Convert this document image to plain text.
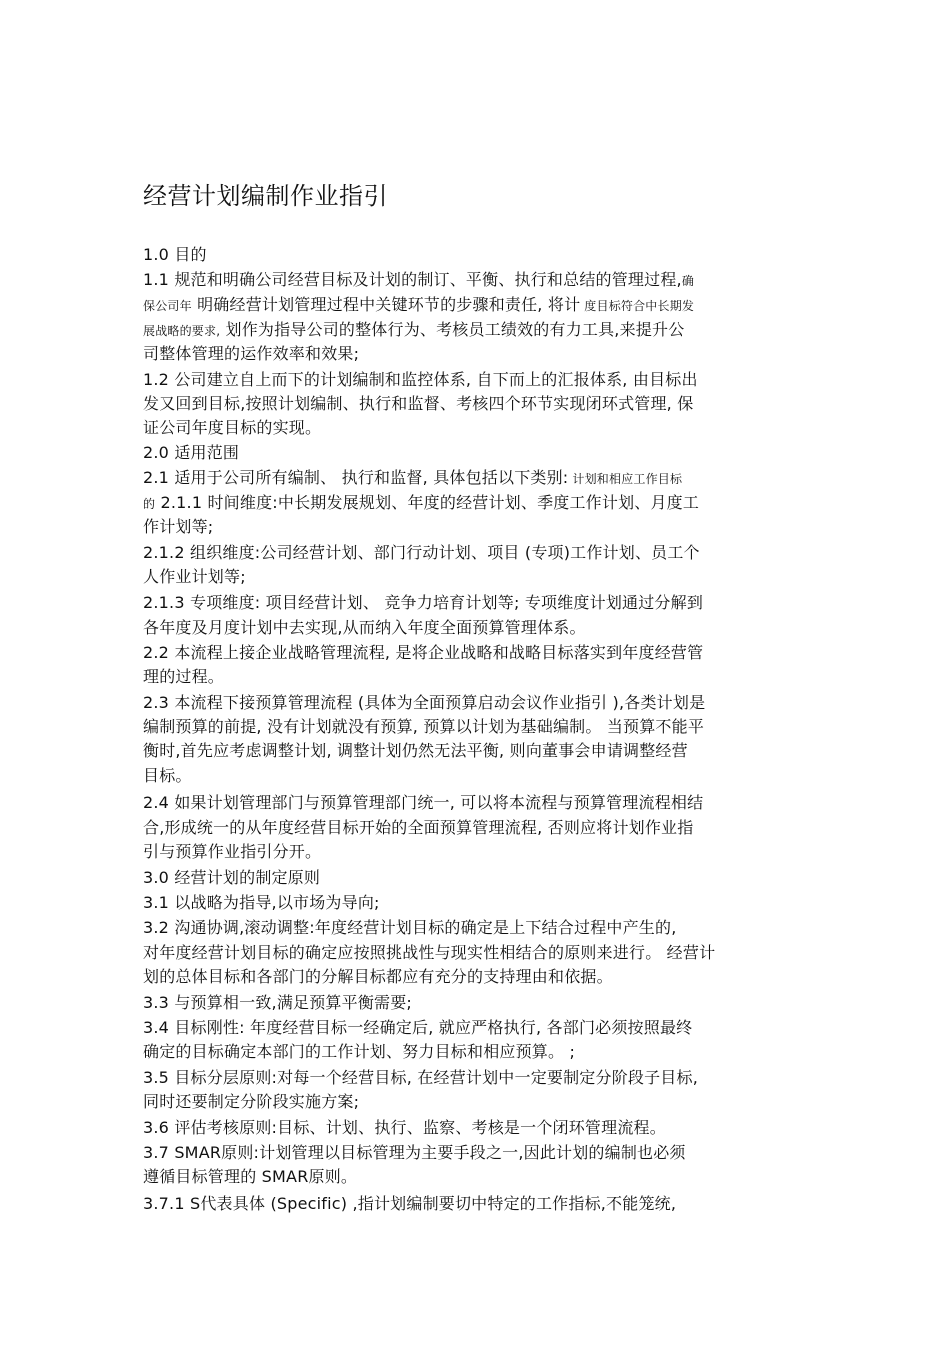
经营计划编制作业指引
1.0 目的
1.1 规范和明确公司经营目标及计划的制订、平衡、执行和总结的管理过程,确
保公司年 明确经营计划管理过程中关键环节的步骤和责任, 将计 度目标符合中长期发
展战略的要求, 划作为指导公司的整体行为、考核员工绩效的有力工具,来提升公
司整体管理的运作效率和效果;
1.2 公司建立自上而下的计划编制和监控体系, 自下而上的汇报体系, 由目标出
发又回到目标,按照计划编制、执行和监督、考核四个环节实现闭环式管理, 保
证公司年度目标的实现。
2.0 适用范围
2.1 适用于公司所有编制、 执行和监督, 具体包括以下类别: 计划和相应工作目标
的 2.1.1 时间维度:中长期发展规划、年度的经营计划、季度工作计划、月度工
作计划等;
2.1.2 组织维度:公司经营计划、部门行动计划、项目 (专项)工作计划、员工个
人作业计划等;
2.1.3 专项维度: 项目经营计划、 竞争力培育计划等; 专项维度计划通过分解到
各年度及月度计划中去实现,从而纳入年度全面预算管理体系。
2.2 本流程上接企业战略管理流程, 是将企业战略和战略目标落实到年度经营管
理的过程。
2.3 本流程下接预算管理流程 (具体为全面预算启动会议作业指引 ),各类计划是
编制预算的前提, 没有计划就没有预算, 预算以计划为基础编制。 当预算不能平
衡时,首先应考虑调整计划, 调整计划仍然无法平衡, 则向董事会申请调整经营
目标。
2.4 如果计划管理部门与预算管理部门统一, 可以将本流程与预算管理流程相结
合,形成统一的从年度经营目标开始的全面预算管理流程, 否则应将计划作业指
引与预算作业指引分开。
3.0 经营计划的制定原则
3.1 以战略为指导,以市场为导向;
3.2 沟通协调,滚动调整:年度经营计划目标的确定是上下结合过程中产生的,
对年度经营计划目标的确定应按照挑战性与现实性相结合的原则来进行。 经营计
划的总体目标和各部门的分解目标都应有充分的支持理由和依据。
3.3 与预算相一致,满足预算平衡需要;
3.4 目标刚性: 年度经营目标一经确定后, 就应严格执行, 各部门必须按照最终
确定的目标确定本部门的工作计划、努力目标和相应预算。 ;
3.5 目标分层原则:对每一个经营目标, 在经营计划中一定要制定分阶段子目标,
同时还要制定分阶段实施方案;
3.6 评估考核原则:目标、计划、执行、监察、考核是一个闭环管理流程。
3.7 SMAR原则:计划管理以目标管理为主要手段之一,因此计划的编制也必须
遵循目标管理的 SMAR原则。
3.7.1 S代表具体 (Specific) ,指计划编制要切中特定的工作指标,不能笼统,
